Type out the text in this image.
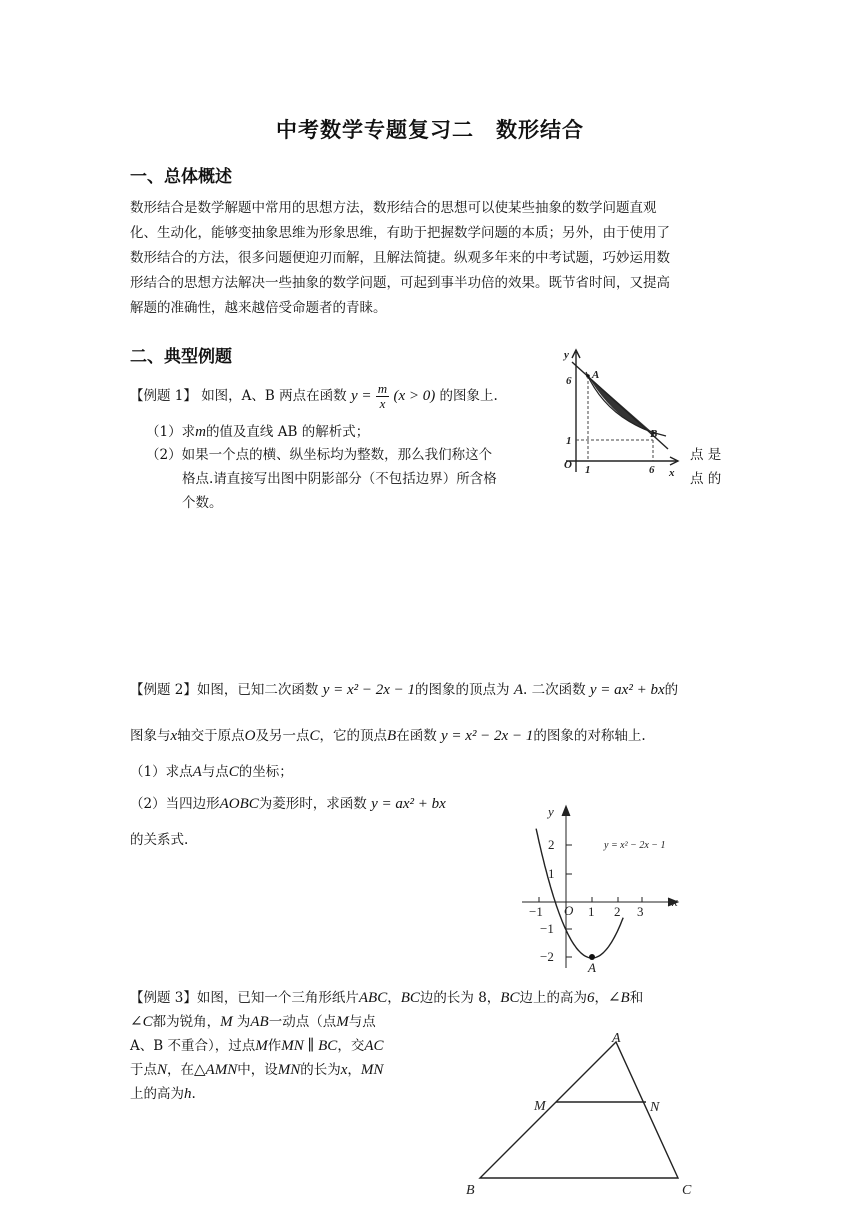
中考数学专题复习二　数形结合
一、总体概述
数形结合是数学解题中常用的思想方法，数形结合的思想可以使某些抽象的数学问题直观
化、生动化，能够变抽象思维为形象思维，有助于把握数学问题的本质；另外，由于使用了
数形结合的方法，很多问题便迎刃而解，且解法简捷。纵观多年来的中考试题，巧妙运用数
形结合的思想方法解决一些抽象的数学问题，可起到事半功倍的效果。既节省时间，又提高
解题的准确性，越来越倍受命题者的青睐。
二、典型例题
【例题 1】 如图，A、B 两点在函数 $y = \frac{m}{x} (x > 0)$ 的图象上.
（1）求m的值及直线 AB 的解析式；
（2）如果一个点的横、纵坐标均为整数，那么我们称这个
格点.请直接写出图中阴影部分（不包括边界）所含格
个数。
点 是
点 的
y
x
O
6
1
1	6
A
B
【例题 2】如图，已知二次函数 y = x² − 2x − 1的图象的顶点为 A. 二次函数 y = ax² + bx的
图象与x轴交于原点O及另一点C，它的顶点B在函数 y = x² − 2x − 1的图象的对称轴上.
（1）求点A与点C的坐标；
（2）当四边形AOBC为菱形时，求函数 y = ax² + bx
的关系式.
y
x
O
2
1
−1
−2
−1	1 2 3
A
y = x² − 2x − 1
【例题 3】如图，已知一个三角形纸片ABC，BC边的长为 8，BC边上的高为6，∠B和
∠C都为锐角，M 为AB一动点（点M与点
A、B 不重合），过点M作MN ∥ BC，交AC
于点N，在△AMN中，设MN的长为x，MN
上的高为h.
A
B	C
M	N
